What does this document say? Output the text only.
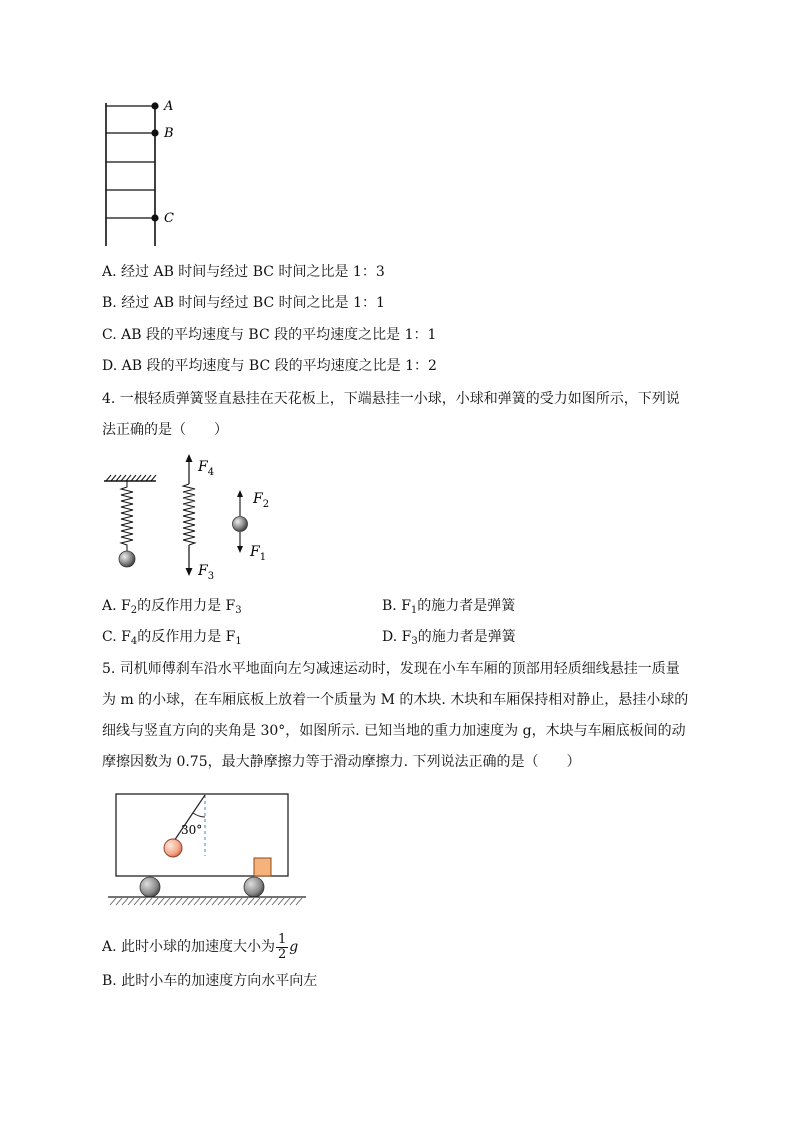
A
B
C
A. 经过 AB 时间与经过 BC 时间之比是 1：3
B. 经过 AB 时间与经过 BC 时间之比是 1：1
C. AB 段的平均速度与 BC 段的平均速度之比是 1：1
D. AB 段的平均速度与 BC 段的平均速度之比是 1：2
4. 一根轻质弹簧竖直悬挂在天花板上，下端悬挂一小球，小球和弹簧的受力如图所示，下列说
法正确的是（　　）
$F_4$
$F_3$
$F_2$
$F_1$
A. $F_2$的反作用力是 $F_3$	B. $F_1$的施力者是弹簧
C. $F_4$的反作用力是 $F_1$	D. $F_3$的施力者是弹簧
5. 司机师傅刹车沿水平地面向左匀减速运动时，发现在小车车厢的顶部用轻质细线悬挂一质量
为 m 的小球，在车厢底板上放着一个质量为 M 的木块. 木块和车厢保持相对静止，悬挂小球的
细线与竖直方向的夹角是 30°，如图所示. 已知当地的重力加速度为 g，木块与车厢底板间的动
摩擦因数为 0.75，最大静摩擦力等于滑动摩擦力. 下列说法正确的是（　　）
30°
A. 此时小球的加速度大小为 $\frac{1}{2}$ g
B. 此时小车的加速度方向水平向左
